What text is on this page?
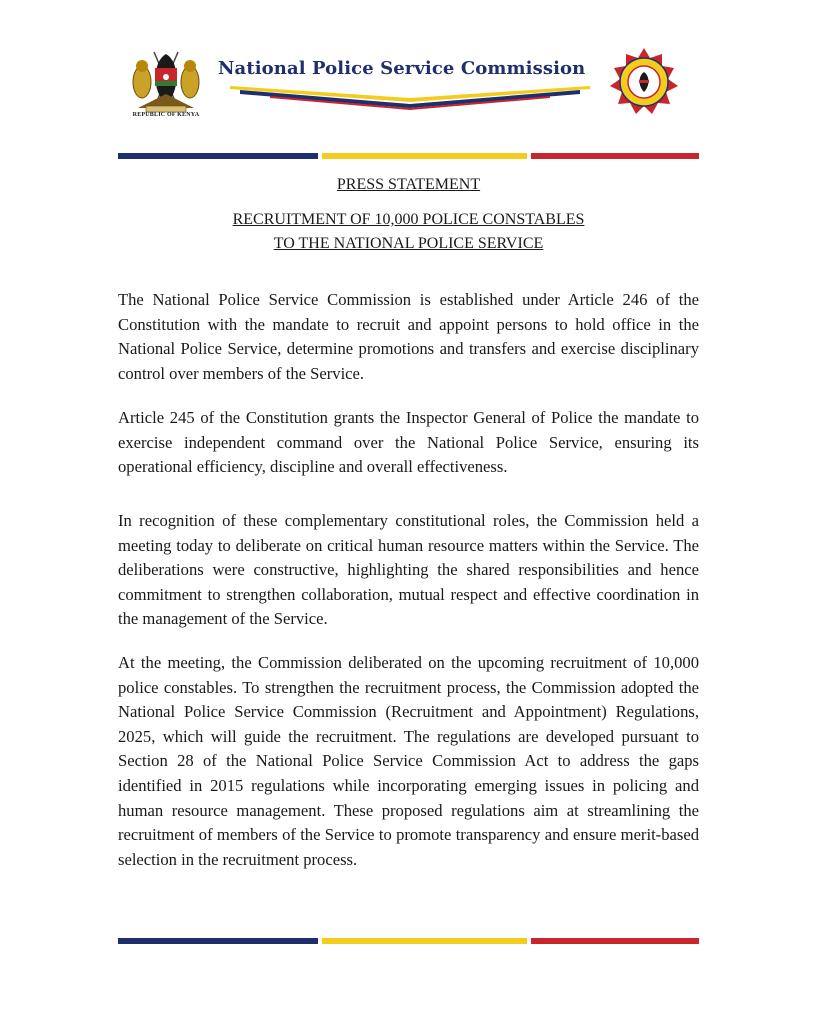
REPUBLIC OF KENYA
National Police Service Commission
PRESS STATEMENT
RECRUITMENT OF 10,000 POLICE CONSTABLES
TO THE NATIONAL POLICE SERVICE

The National Police Service Commission is established under Article 246 of the Constitution with the mandate to recruit and appoint persons to hold office in the National Police Service, determine promotions and transfers and exercise disciplinary control over members of the Service.

Article 245 of the Constitution grants the Inspector General of Police the mandate to exercise independent command over the National Police Service, ensuring its operational efficiency, discipline and overall effectiveness.

In recognition of these complementary constitutional roles, the Commission held a meeting today to deliberate on critical human resource matters within the Service. The deliberations were constructive, highlighting the shared responsibilities and hence commitment to strengthen collaboration, mutual respect and effective coordination in the management of the Service.

At the meeting, the Commission deliberated on the upcoming recruitment of 10,000 police constables. To strengthen the recruitment process, the Commission adopted the National Police Service Commission (Recruitment and Appointment) Regulations, 2025, which will guide the recruitment. The regulations are developed pursuant to Section 28 of the National Police Service Commission Act to address the gaps identified in 2015 regulations while incorporating emerging issues in policing and human resource management. These proposed regulations aim at streamlining the recruitment of members of the Service to promote transparency and ensure merit-based selection in the recruitment process.
